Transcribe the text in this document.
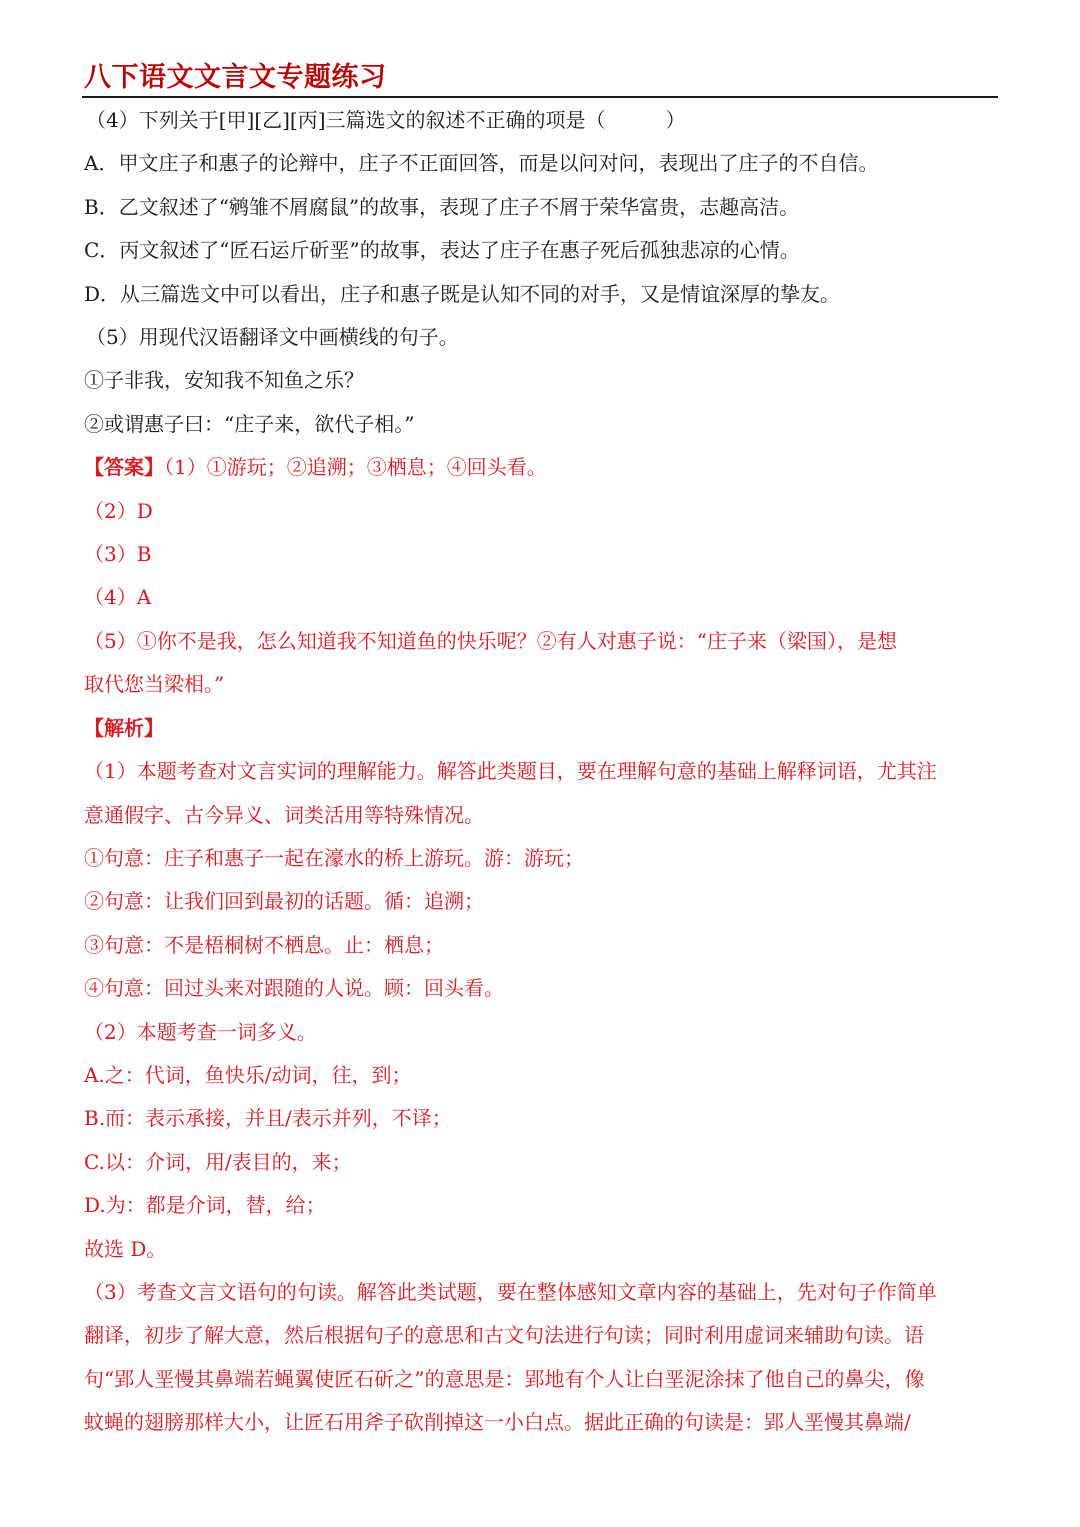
八下语文文言文专题练习

（4）下列关于[甲][乙][丙]三篇选文的叙述不正确的项是（　　　）

A．甲文庄子和惠子的论辩中，庄子不正面回答，而是以问对问，表现出了庄子的不自信。

B．乙文叙述了“鹓雏不屑腐鼠”的故事，表现了庄子不屑于荣华富贵，志趣高洁。

C．丙文叙述了“匠石运斤斫垩”的故事，表达了庄子在惠子死后孤独悲凉的心情。

D．从三篇选文中可以看出，庄子和惠子既是认知不同的对手，又是情谊深厚的挚友。

（5）用现代汉语翻译文中画横线的句子。

①子非我，安知我不知鱼之乐？

②或谓惠子曰：“庄子来，欲代子相。”

【答案】（1）①游玩；②追溯；③栖息；④回头看。

（2）D

（3）B

（4）A

（5）①你不是我，怎么知道我不知道鱼的快乐呢？②有人对惠子说：“庄子来（梁国），是想

取代您当梁相。”

【解析】

（1）本题考查对文言实词的理解能力。解答此类题目，要在理解句意的基础上解释词语，尤其注

意通假字、古今异义、词类活用等特殊情况。

①句意：庄子和惠子一起在濠水的桥上游玩。游：游玩；

②句意：让我们回到最初的话题。循：追溯；

③句意：不是梧桐树不栖息。止：栖息；

④句意：回过头来对跟随的人说。顾：回头看。

（2）本题考查一词多义。

A.之：代词，鱼快乐/动词，往，到；

B.而：表示承接，并且/表示并列，不译；

C.以：介词，用/表目的，来；

D.为：都是介词，替，给；

故选 D。

（3）考查文言文语句的句读。解答此类试题，要在整体感知文章内容的基础上，先对句子作简单

翻译，初步了解大意，然后根据句子的意思和古文句法进行句读；同时利用虚词来辅助句读。语

句“郢人垩慢其鼻端若蝇翼使匠石斫之”的意思是：郢地有个人让白垩泥涂抹了他自己的鼻尖，像

蚊蝇的翅膀那样大小，让匠石用斧子砍削掉这一小白点。据此正确的句读是：郢人垩慢其鼻端/
